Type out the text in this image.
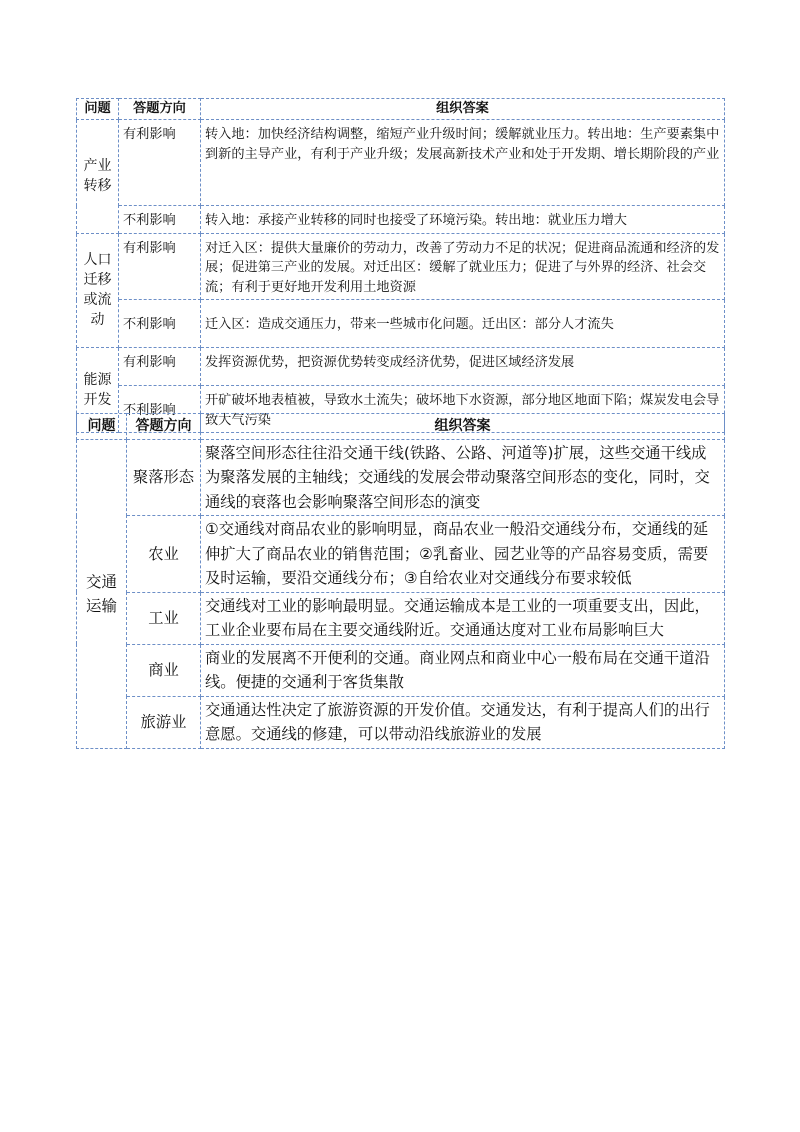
问题	答题方向	组织答案
产业转移	有利影响	转入地：加快经济结构调整，缩短产业升级时间；缓解就业压力。转出地：生产要素集中到新的主导产业，有利于产业升级；发展高新技术产业和处于开发期、增长期阶段的产业
	不利影响	转入地：承接产业转移的同时也接受了环境污染。转出地：就业压力增大
人口迁移或流动	有利影响	对迁入区：提供大量廉价的劳动力，改善了劳动力不足的状况；促进商品流通和经济的发展；促进第三产业的发展。对迁出区：缓解了就业压力；促进了与外界的经济、社会交流；有利于更好地开发利用土地资源
	不利影响	迁入区：造成交通压力，带来一些城市化问题。迁出区：部分人才流失
能源开发	有利影响	发挥资源优势，把资源优势转变成经济优势，促进区域经济发展
	不利影响	开矿破坏地表植被，导致水土流失；破坏地下水资源，部分地区地面下陷；煤炭发电会导致大气污染
问题	答题方向	组织答案
交通运输	聚落形态	聚落空间形态往往沿交通干线(铁路、公路、河道等)扩展，这些交通干线成为聚落发展的主轴线；交通线的发展会带动聚落空间形态的变化，同时，交通线的衰落也会影响聚落空间形态的演变
	农业	①交通线对商品农业的影响明显，商品农业一般沿交通线分布，交通线的延伸扩大了商品农业的销售范围；②乳畜业、园艺业等的产品容易变质，需要及时运输，要沿交通线分布；③自给农业对交通线分布要求较低
	工业	交通线对工业的影响最明显。交通运输成本是工业的一项重要支出，因此，工业企业要布局在主要交通线附近。交通通达度对工业布局影响巨大
	商业	商业的发展离不开便利的交通。商业网点和商业中心一般布局在交通干道沿线。便捷的交通利于客货集散
	旅游业	交通通达性决定了旅游资源的开发价值。交通发达，有利于提高人们的出行意愿。交通线的修建，可以带动沿线旅游业的发展
